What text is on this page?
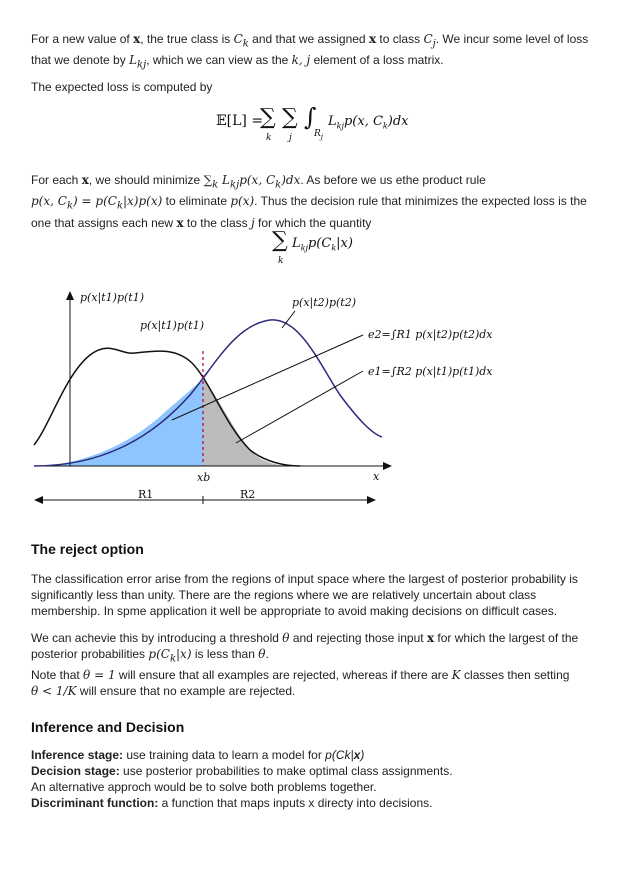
For a new value of x, the true class is $C_k$ and that we assigned x to class $C_j$. We incur some level of loss that we denote by $L_{kj}$, which we can view as the k, j element of a loss matrix.

The expected loss is computed by

𝔼[L] =
∑
k
∑
j
∫
$R_j$
$L_{kj}p(x$, $C_k)dx$

For each x, we should minimize $\sum_k$ $L_{kj}p(x$, $C_k)dx$. As before we us ethe product rule
p(x, $C_k) = p(C_k|x)p(x)$ to eliminate p(x). Thus the decision rule that minimizes the expected loss is the one that assigns each new x to the class j for which the quantity

∑
k
$L_{kj}p(C_k|x)$
p(x|t1)p(t1)
p(x|t1)p(t1)
p(x|t2)p(t2)
e2=∫R1 p(x|t2)p(t2)dx
e1=∫R2 p(x|t1)p(t1)dx
xb	x
R1	R2
The reject option

The classification error arise from the regions of input space where the largest of posterior probability is significantly less than unity. There are the regions where we are relatively uncertain about class membership. In spme application it well be appropriate to avoid making decisions on difficult cases.

We can achevie this by introducing a threshold θ and rejecting those input x for which the largest of the posterior probabilities $p(C_k|x)$ is less than θ.
Note that θ = 1 will ensure that all examples are rejected, whereas if there are K classes then setting
θ < 1/K will ensure that no example are rejected.

Inference and Decision

Inference stage: use training data to learn a model for p(Ck|x)
Decision stage: use posterior probabilities to make optimal class assignments.
An alternative approch would be to solve both problems together.
Discriminant function: a function that maps inputs x directy into decisions.
